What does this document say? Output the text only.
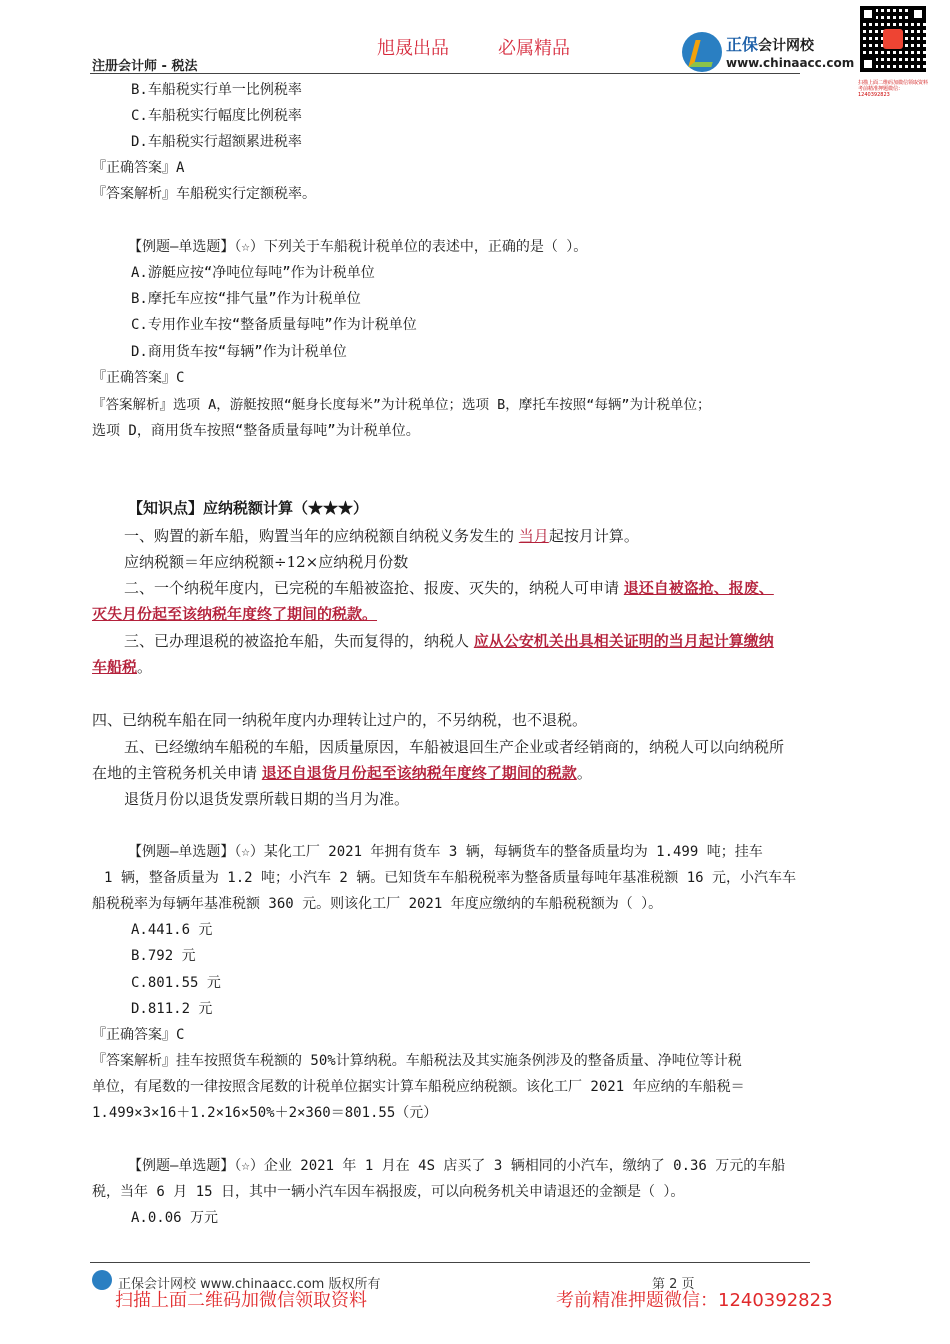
旭晟出品	必属精品
注册会计师 - 税法
正保会计网校
www.chinaacc.com
扫描上面二维码加微信领取资料 考前精准押题微信：1240392823
B.车船税实行单一比例税率
C.车船税实行幅度比例税率
D.车船税实行超额累进税率
『正确答案』A
『答案解析』车船税实行定额税率。
【例题—单选题】（☆）下列关于车船税计税单位的表述中，正确的是（ ）。
A.游艇应按“净吨位每吨”作为计税单位
B.摩托车应按“排气量”作为计税单位
C.专用作业车按“整备质量每吨”作为计税单位
D.商用货车按“每辆”作为计税单位
『正确答案』C
『答案解析』选项 A，游艇按照“艇身长度每米”为计税单位；选项 B，摩托车按照“每辆”为计税单位；
选项 D，商用货车按照“整备质量每吨”为计税单位。
【知识点】应纳税额计算（★★★）
一、购置的新车船，购置当年的应纳税额自纳税义务发生的 当月起按月计算。
应纳税额＝年应纳税额÷12×应纳税月份数
二、一个纳税年度内，已完税的车船被盗抢、报废、灭失的，纳税人可申请 退还自被盗抢、报废、
灭失月份起至该纳税年度终了期间的税款。
三、已办理退税的被盗抢车船，失而复得的，纳税人 应从公安机关出具相关证明的当月起计算缴纳
车船税。
四、已纳税车船在同一纳税年度内办理转让过户的，不另纳税，也不退税。
五、已经缴纳车船税的车船，因质量原因，车船被退回生产企业或者经销商的，纳税人可以向纳税所
在地的主管税务机关申请 退还自退货月份起至该纳税年度终了期间的税款。
退货月份以退货发票所载日期的当月为准。
【例题—单选题】（☆）某化工厂 2021 年拥有货车 3 辆，每辆货车的整备质量均为 1.499 吨；挂车
1 辆，整备质量为 1.2 吨；小汽车 2 辆。已知货车车船税税率为整备质量每吨年基准税额 16 元，小汽车车
船税税率为每辆年基准税额 360 元。则该化工厂 2021 年度应缴纳的车船税税额为（ ）。
A.441.6 元
B.792 元
C.801.55 元
D.811.2 元
『正确答案』C
『答案解析』挂车按照货车税额的 50%计算纳税。车船税法及其实施条例涉及的整备质量、净吨位等计税
单位，有尾数的一律按照含尾数的计税单位据实计算车船税应纳税额。该化工厂 2021 年应纳的车船税＝
1.499×3×16＋1.2×16×50%＋2×360＝801.55（元）
【例题—单选题】（☆）企业 2021 年 1 月在 4S 店买了 3 辆相同的小汽车，缴纳了 0.36 万元的车船
税，当年 6 月 15 日，其中一辆小汽车因车祸报废，可以向税务机关申请退还的金额是（ ）。
A.0.06 万元
正保会计网校 www.chinaacc.com 版权所有	第 2 页
扫描上面二维码加微信领取资料	考前精准押题微信：1240392823
